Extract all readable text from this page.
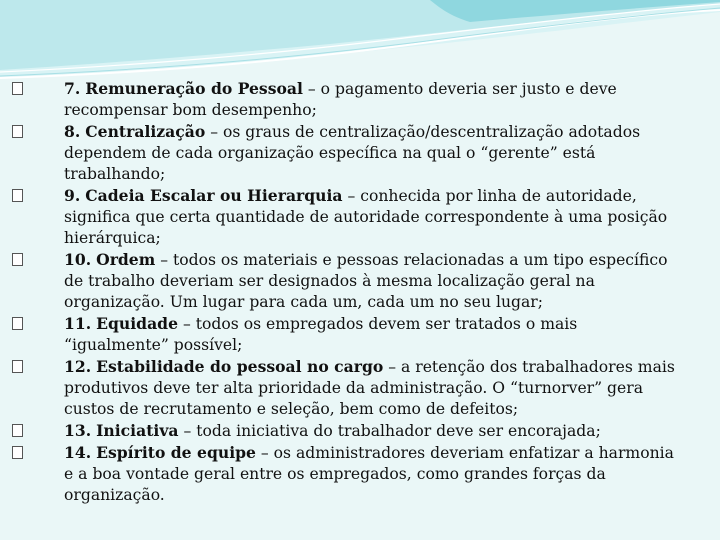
7. Remuneração do Pessoal – o pagamento deveria ser justo e deve recompensar bom desempenho;

8. Centralização – os graus de centralização/descentralização adotados dependem de cada organização específica na qual o “gerente” está trabalhando;

9. Cadeia Escalar ou Hierarquia – conhecida por linha de autoridade, significa que certa quantidade de autoridade correspondente à uma posição hierárquica;

10. Ordem – todos os materiais e pessoas relacionadas a um tipo específico de trabalho deveriam ser designados à mesma localização geral na organização. Um lugar para cada um, cada um no seu lugar;

11. Equidade – todos os empregados devem ser tratados o mais “igualmente” possível;

12. Estabilidade do pessoal no cargo – a retenção dos trabalhadores mais produtivos deve ter alta prioridade da administração. O “turnorver” gera custos de recrutamento e seleção, bem como de defeitos;

13. Iniciativa – toda iniciativa do trabalhador deve ser encorajada;

14. Espírito de equipe – os administradores deveriam enfatizar a harmonia e a boa vontade geral entre os empregados, como grandes forças da organização.
